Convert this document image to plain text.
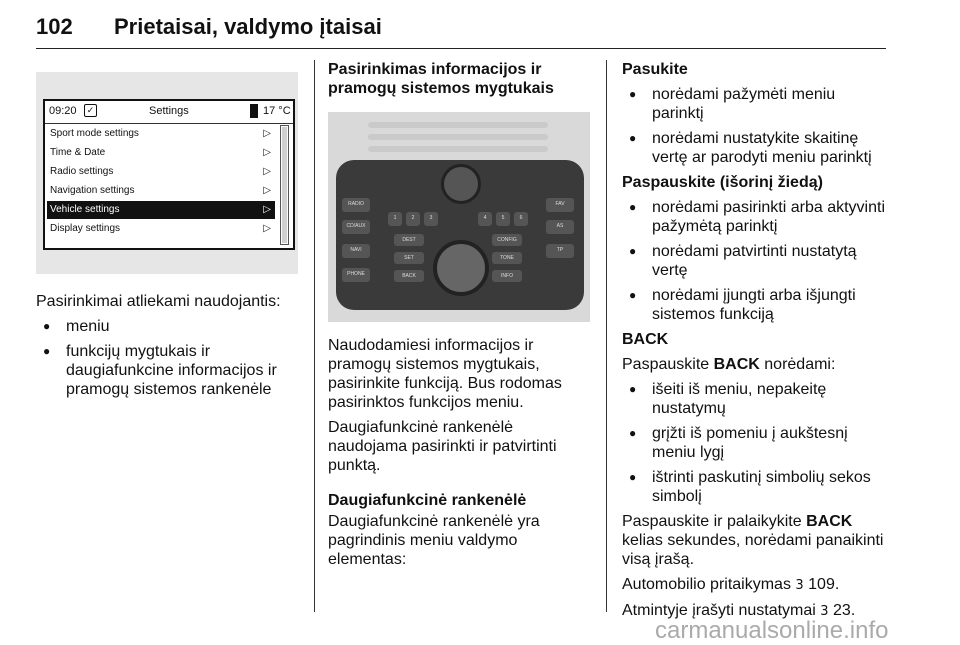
102 Prietaisai, valdymo įtaisai
09:20	✓	Settings	17 °C
Sport mode settings	▷
Time & Date	▷
Radio settings	▷
Navigation settings	▷
Vehicle settings	▷
Display settings	▷

Pasirinkimai atliekami naudojantis:

● meniu
● funkcijų mygtukais ir daugiafunkcine informacijos ir pramogų sistemos rankenėle
Pasirinkimas informacijos ir pramogų sistemos mygtukais
RADIO
CD/AUX
NAVI
PHONE
1	2	3	4	5	6
DEST
SET
BACK
CONFIG
TONE
INFO
FAV
AS
TP

Naudodamiesi informacijos ir pramogų sistemos mygtukais, pasirinkite funkciją. Bus rodomas pasirinktos funkcijos meniu.

Daugiafunkcinė rankenėlė naudojama pasirinkti ir patvirtinti punktą.

Daugiafunkcinė rankenėlė

Daugiafunkcinė rankenėlė yra pagrindinis meniu valdymo elementas:

Pasukite
● norėdami pažymėti meniu parinktį
● norėdami nustatykite skaitinę vertę ar parodyti meniu parinktį
Paspauskite (išorinį žiedą)
● norėdami pasirinkti arba aktyvinti pažymėtą parinktį
● norėdami patvirtinti nustatytą vertę
● norėdami įjungti arba išjungti sistemos funkciją
BACK

Paspauskite BACK norėdami:

● išeiti iš meniu, nepakeitę nustatymų
● grįžti iš pomeniu į aukštesnį meniu lygį
● ištrinti paskutinį simbolių sekos simbolį

Paspauskite ir palaikykite BACK kelias sekundes, norėdami panaikinti visą įrašą.

Automobilio pritaikymas 3 109.

Atmintyje įrašyti nustatymai 3 23.

carmanualsonline.info
